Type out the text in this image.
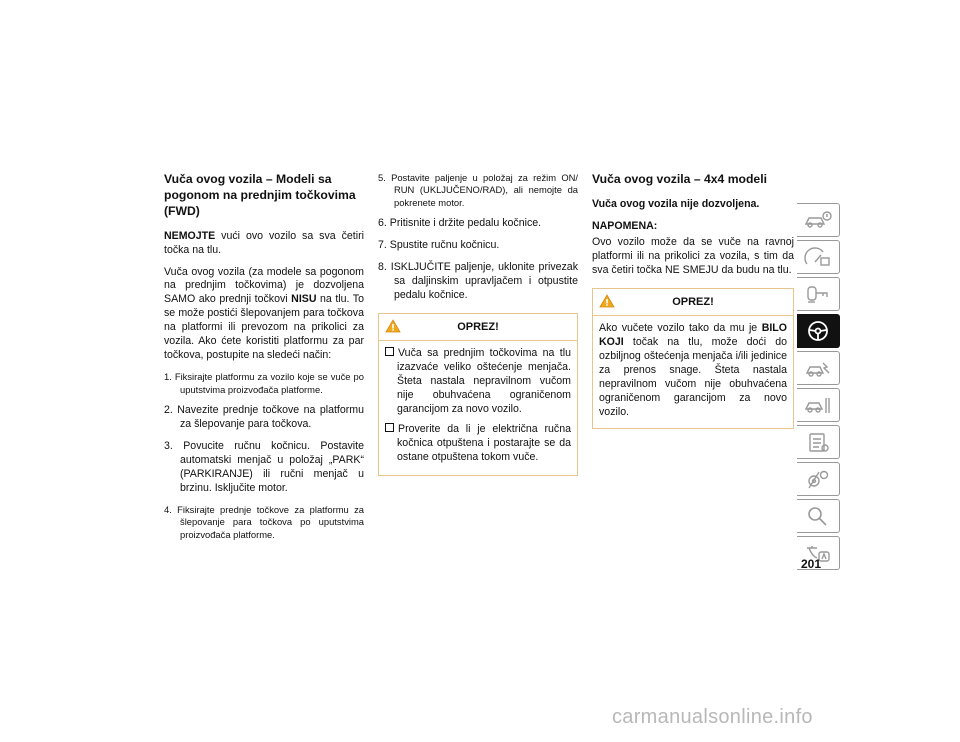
Vuča ovog vozila – Modeli sa pogonom na prednjim točkovima (FWD)

NEMOJTE vući ovo vozilo sa sva četiri točka na tlu.

Vuča ovog vozila (za modele sa pogonom na prednjim točkovima) je dozvoljena SAMO ako prednji točkovi NISU na tlu. To se može postići šlepovanjem para točkova na platformi ili prevozom na prikolici za vozila. Ako ćete koristiti platformu za par točkova, postupite na sledeći način:

1. Fiksirajte platformu za vozilo koje se vuče po uputstvima proizvođača platforme.
2. Navezite prednje točkove na platformu za šlepovanje para točkova.
3. Povucite ručnu kočnicu. Postavite automatski menjač u položaj „PARK“ (PARKIRANJE) ili ručni menjač u brzinu. Isključite motor.
4. Fiksirajte prednje točkove za platformu za šlepovanje para točkova po uputstvima proizvođača platforme.
5. Postavite paljenje u položaj za režim ON/ RUN (UKLJUČENO/RAD), ali nemojte da pokrenete motor.
6. Pritisnite i držite pedalu kočnice.
7. Spustite ručnu kočnicu.
8. ISKLJUČITE paljenje, uklonite privezak sa daljinskim upravljačem i otpustite pedalu kočnice.
OPREZ!
Vuča sa prednjim točkovima na tlu izazvaće veliko oštećenje menjača. Šteta nastala nepravilnom vučom nije obuhvaćena ograničenom garancijom za novo vozilo.
Proverite da li je električna ručna kočnica otpuštena i postarajte se da ostane otpuštena tokom vuče.
Vuča ovog vozila – 4x4 modeli
Vuča ovog vozila nije dozvoljena.

NAPOMENA:

Ovo vozilo može da se vuče na ravnoj platformi ili na prikolici za vozila, s tim da sva četiri točka NE SMEJU da budu na tlu.

OPREZ!

Ako vučete vozilo tako da mu je BILO KOJI točak na tlu, može doći do ozbiljnog oštećenja menjača i/ili jedinice za prenos snage. Šteta nastala nepravilnom vučom nije obuhvaćena ograničenom garancijom za novo vozilo.

201
carmanualsonline.info
